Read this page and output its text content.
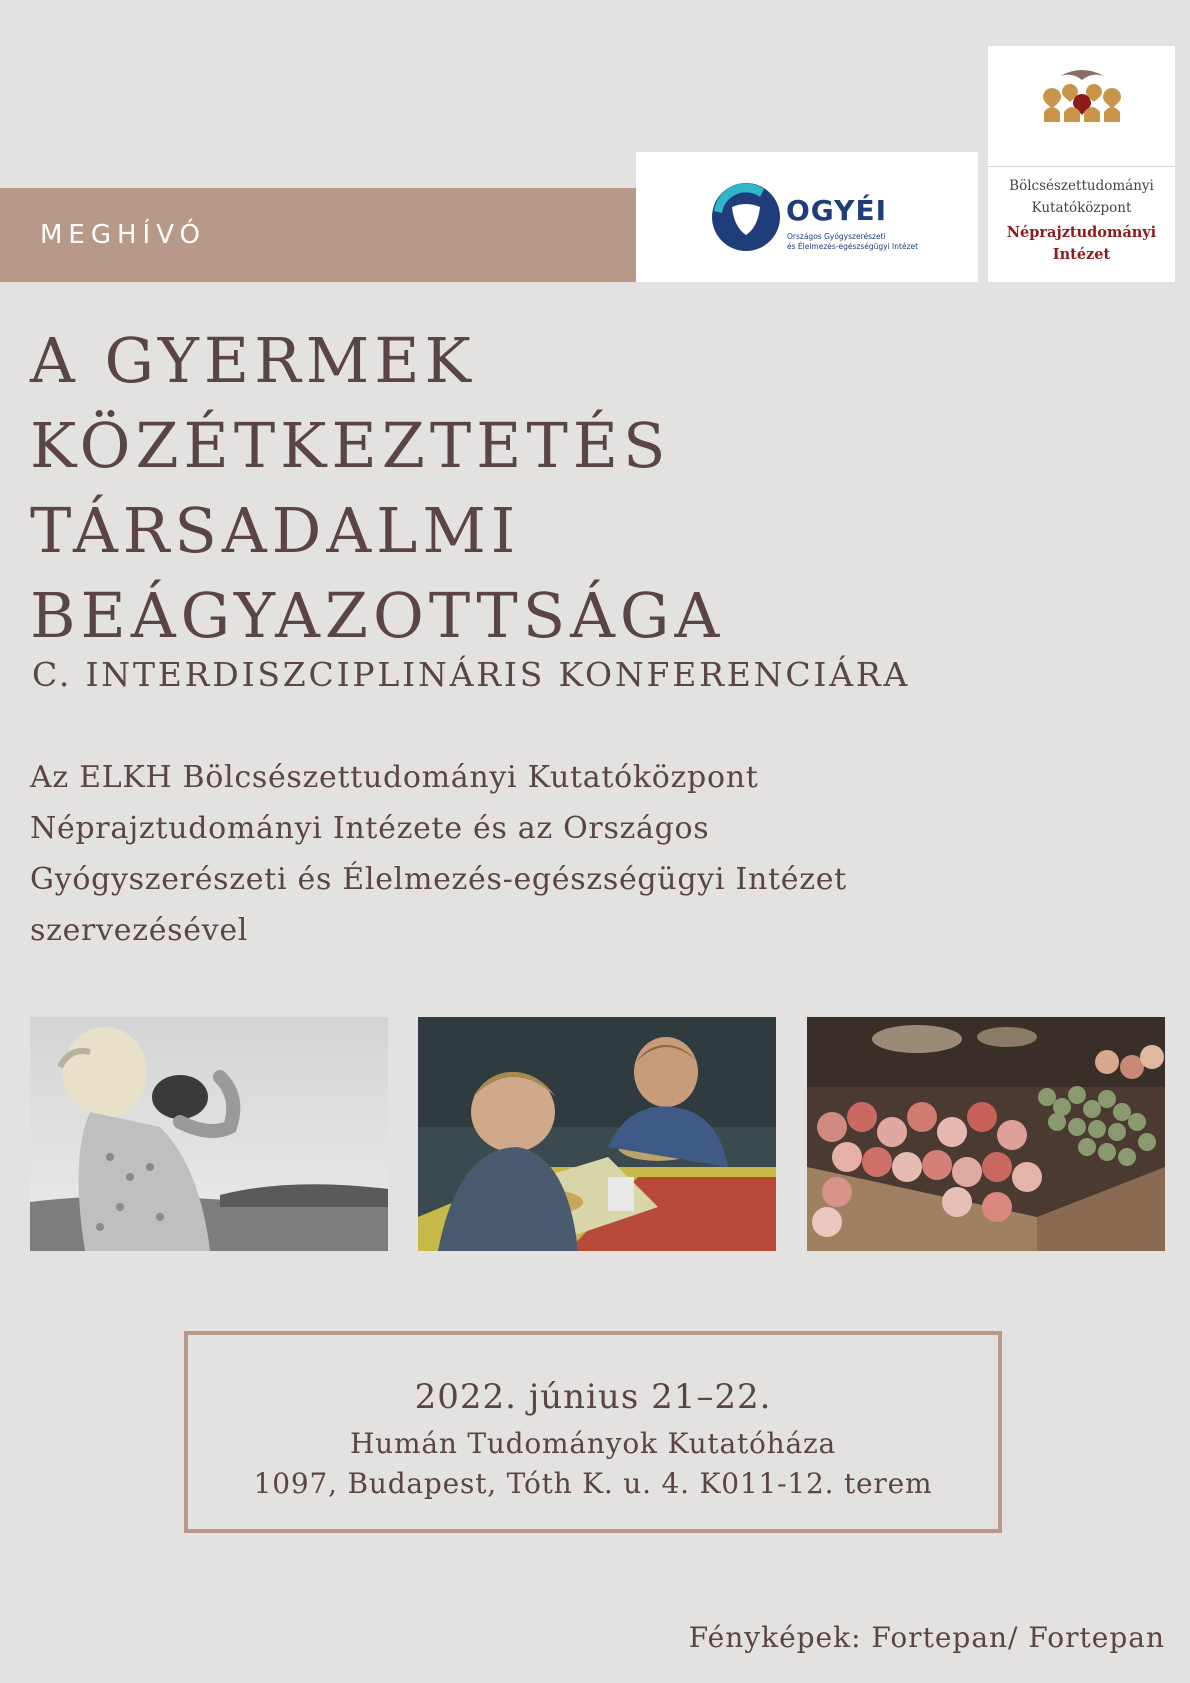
MEGHÍVÓ
OGYÉI
Országos Gyógyszerészeti
és Élelmezés-egészségügyi Intézet
Bölcsészettudományi
Kutatóközpont
Néprajztudományi
Intézet
A GYERMEK
KÖZÉTKEZTETÉS
TÁRSADALMI
BEÁGYAZOTTSÁGA
C. INTERDISZCIPLINÁRIS KONFERENCIÁRA
Az ELKH Bölcsészettudományi Kutatóközpont
Néprajztudományi Intézete és az Országos
Gyógyszerészeti és Élelmezés-egészségügyi Intézet
szervezésével
2022. június 21–22.
Humán Tudományok Kutatóháza
1097, Budapest, Tóth K. u. 4. K011-12. terem
Fényképek: Fortepan/ Fortepan
